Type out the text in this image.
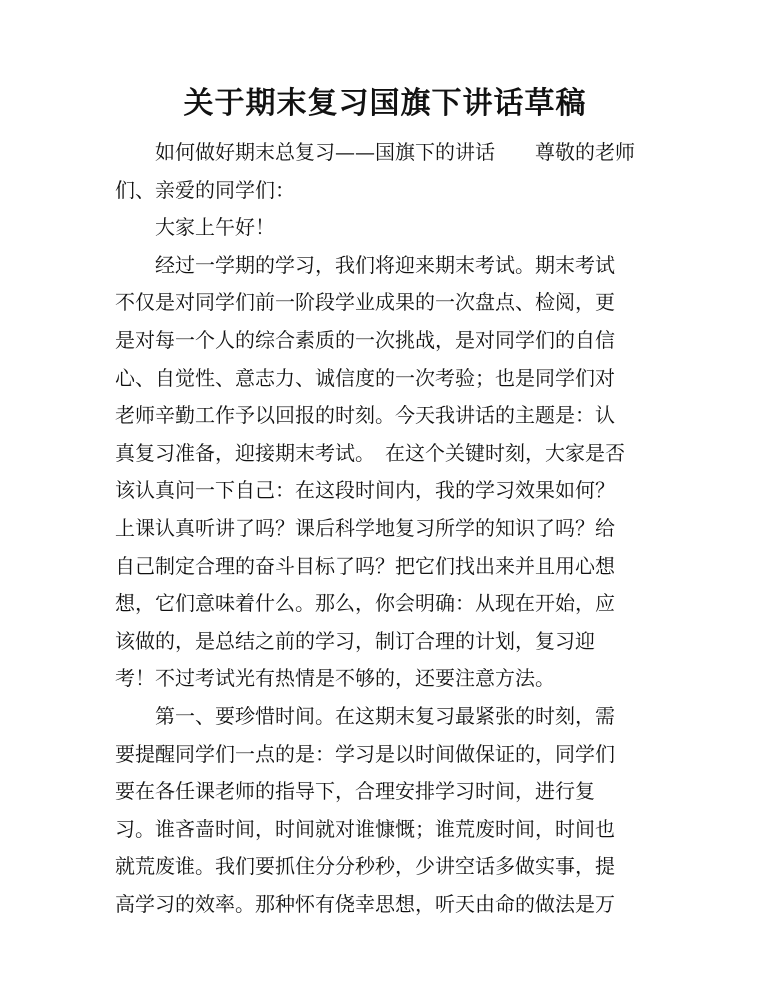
关于期末复习国旗下讲话草稿
如何做好期末总复习——国旗下的讲话　　尊敬的老师
们、亲爱的同学们：
大家上午好！
经过一学期的学习，我们将迎来期末考试。期末考试
不仅是对同学们前一阶段学业成果的一次盘点、检阅，更
是对每一个人的综合素质的一次挑战，是对同学们的自信
心、自觉性、意志力、诚信度的一次考验；也是同学们对
老师辛勤工作予以回报的时刻。今天我讲话的主题是：认
真复习准备，迎接期末考试。　在这个关键时刻，大家是否
该认真问一下自己：在这段时间内，我的学习效果如何？
上课认真听讲了吗？课后科学地复习所学的知识了吗？给
自己制定合理的奋斗目标了吗？把它们找出来并且用心想
想，它们意味着什么。那么，你会明确：从现在开始，应
该做的，是总结之前的学习，制订合理的计划，复习迎
考！不过考试光有热情是不够的，还要注意方法。
第一、要珍惜时间。在这期末复习最紧张的时刻，需
要提醒同学们一点的是：学习是以时间做保证的，同学们
要在各任课老师的指导下，合理安排学习时间，进行复
习。谁吝啬时间，时间就对谁慷慨；谁荒废时间，时间也
就荒废谁。我们要抓住分分秒秒，少讲空话多做实事，提
高学习的效率。那种怀有侥幸思想，听天由命的做法是万
